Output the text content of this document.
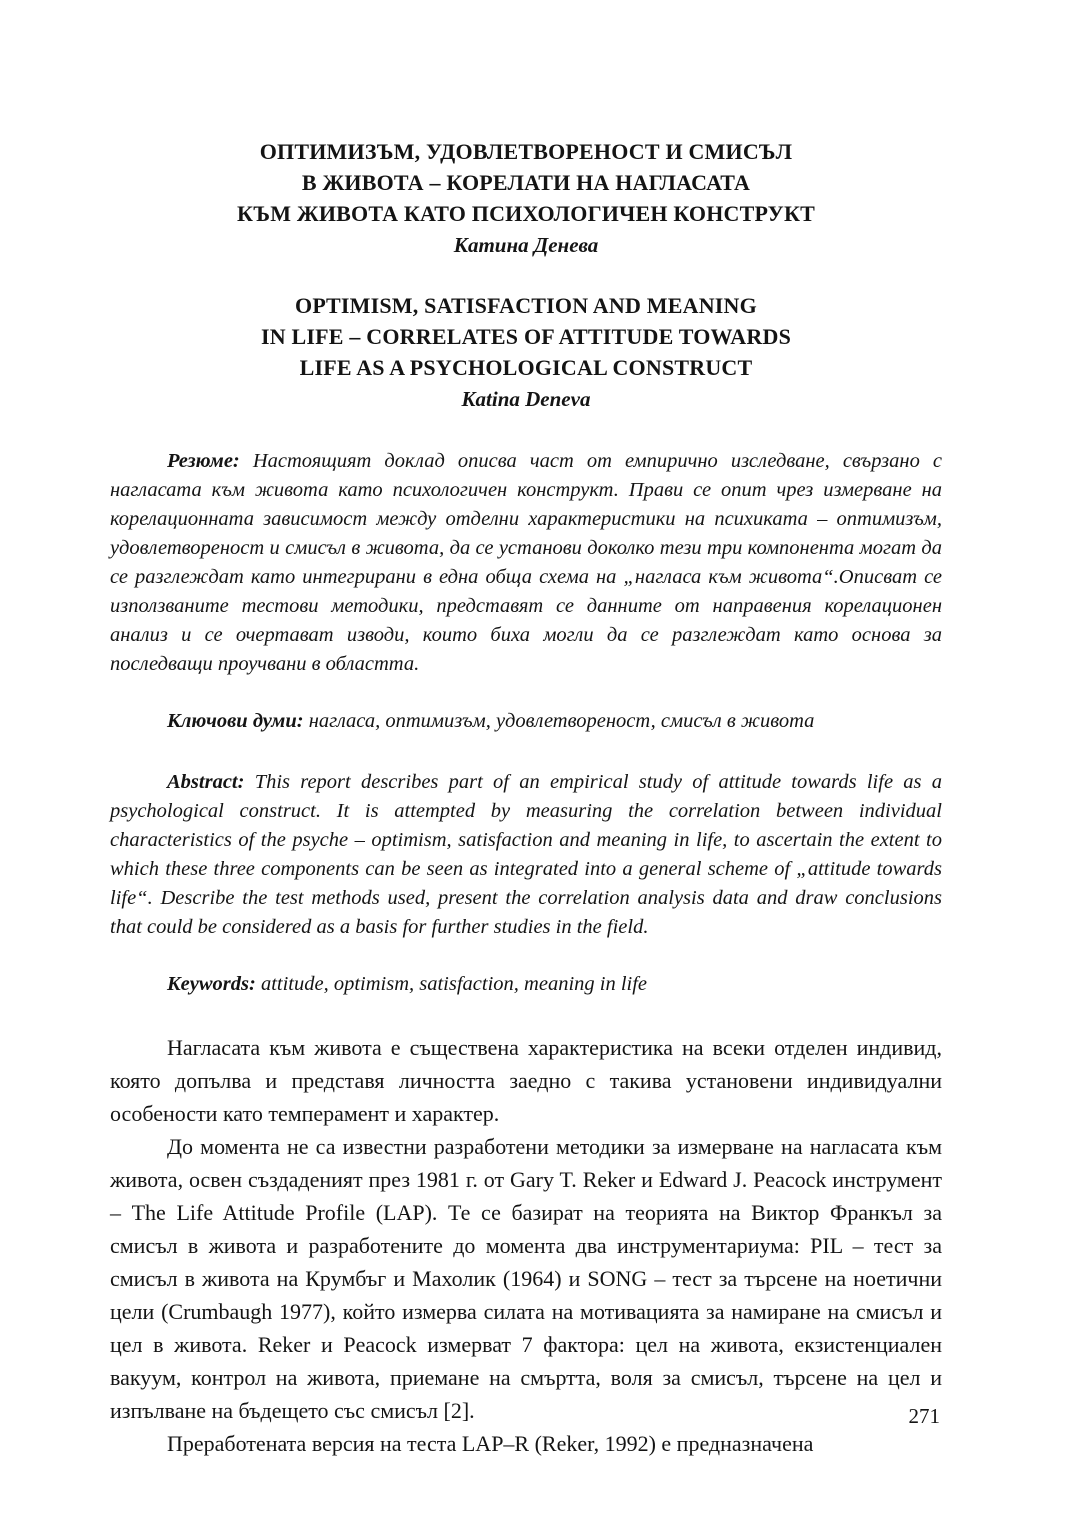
ОПТИМИЗЪМ, УДОВЛЕТВОРЕНОСТ И СМИСЪЛ
В ЖИВОТА – КОРЕЛАТИ НА НАГЛАСАТА
КЪМ ЖИВОТА КАТО ПСИХОЛОГИЧЕН КОНСТРУКТ
Катина Денева
OPTIMISM, SATISFACTION AND MEANING
IN LIFE – CORRELATES OF ATTITUDE TOWARDS
LIFE AS A PSYCHOLOGICAL CONSTRUCT
Katina Deneva

Резюме: Настоящият доклад описва част от емпирично изследване, свързано с нагласата към живота като психологичен конструкт. Прави се опит чрез измерване на корелационната зависимост между отделни характеристики на психиката – оптимизъм, удовлетвореност и смисъл в живота, да се установи доколко тези три компонента могат да се разглеждат като интегрирани в една обща схема на „нагласа към живота“.Описват се използваните тестови методики, представят се данните от направения корелационен анализ и се очертават изводи, които биха могли да се разглеждат като основа за последващи проучвани в областта.

Ключови думи: нагласа, оптимизъм, удовлетвореност, смисъл в живота

Abstract: This report describes part of an empirical study of attitude towards life as a psychological construct. It is attempted by measuring the correlation between individual characteristics of the psyche – optimism, satisfaction and meaning in life, to ascertain the extent to which these three components can be seen as integrated into a general scheme of „attitude towards life“. Describe the test methods used, present the correlation analysis data and draw conclusions that could be considered as a basis for further studies in the field.

Keywords: attitude, optimism, satisfaction, meaning in life

Нагласата към живота е съществена характеристика на всеки отделен индивид, която допълва и представя личността заедно с такива установени индивидуални особености като темперамент и характер.

До момента не са известни разработени методики за измерване на нагласата към живота, освен създаденият през 1981 г. от Gary T. Reker и Edward J. Peacock инструмент – The Life Attitude Profile (LAP). Те се базират на теорията на Виктор Франкъл за смисъл в живота и разработените до момента два инструментариума: PIL – тест за смисъл в живота на Крумбъг и Махолик (1964) и SONG – тест за търсене на ноетични цели (Crumbaugh 1977), който измерва силата на мотивацията за намиране на смисъл и цел в живота. Reker и Peacock измерват 7 фактора: цел на живота, екзистенциален вакуум, контрол на живота, приемане на смъртта, воля за смисъл, търсене на цел и изпълване на бъдещето със смисъл [2].

Преработената версия на теста LAP–R (Reker, 1992) е предназначена

271
